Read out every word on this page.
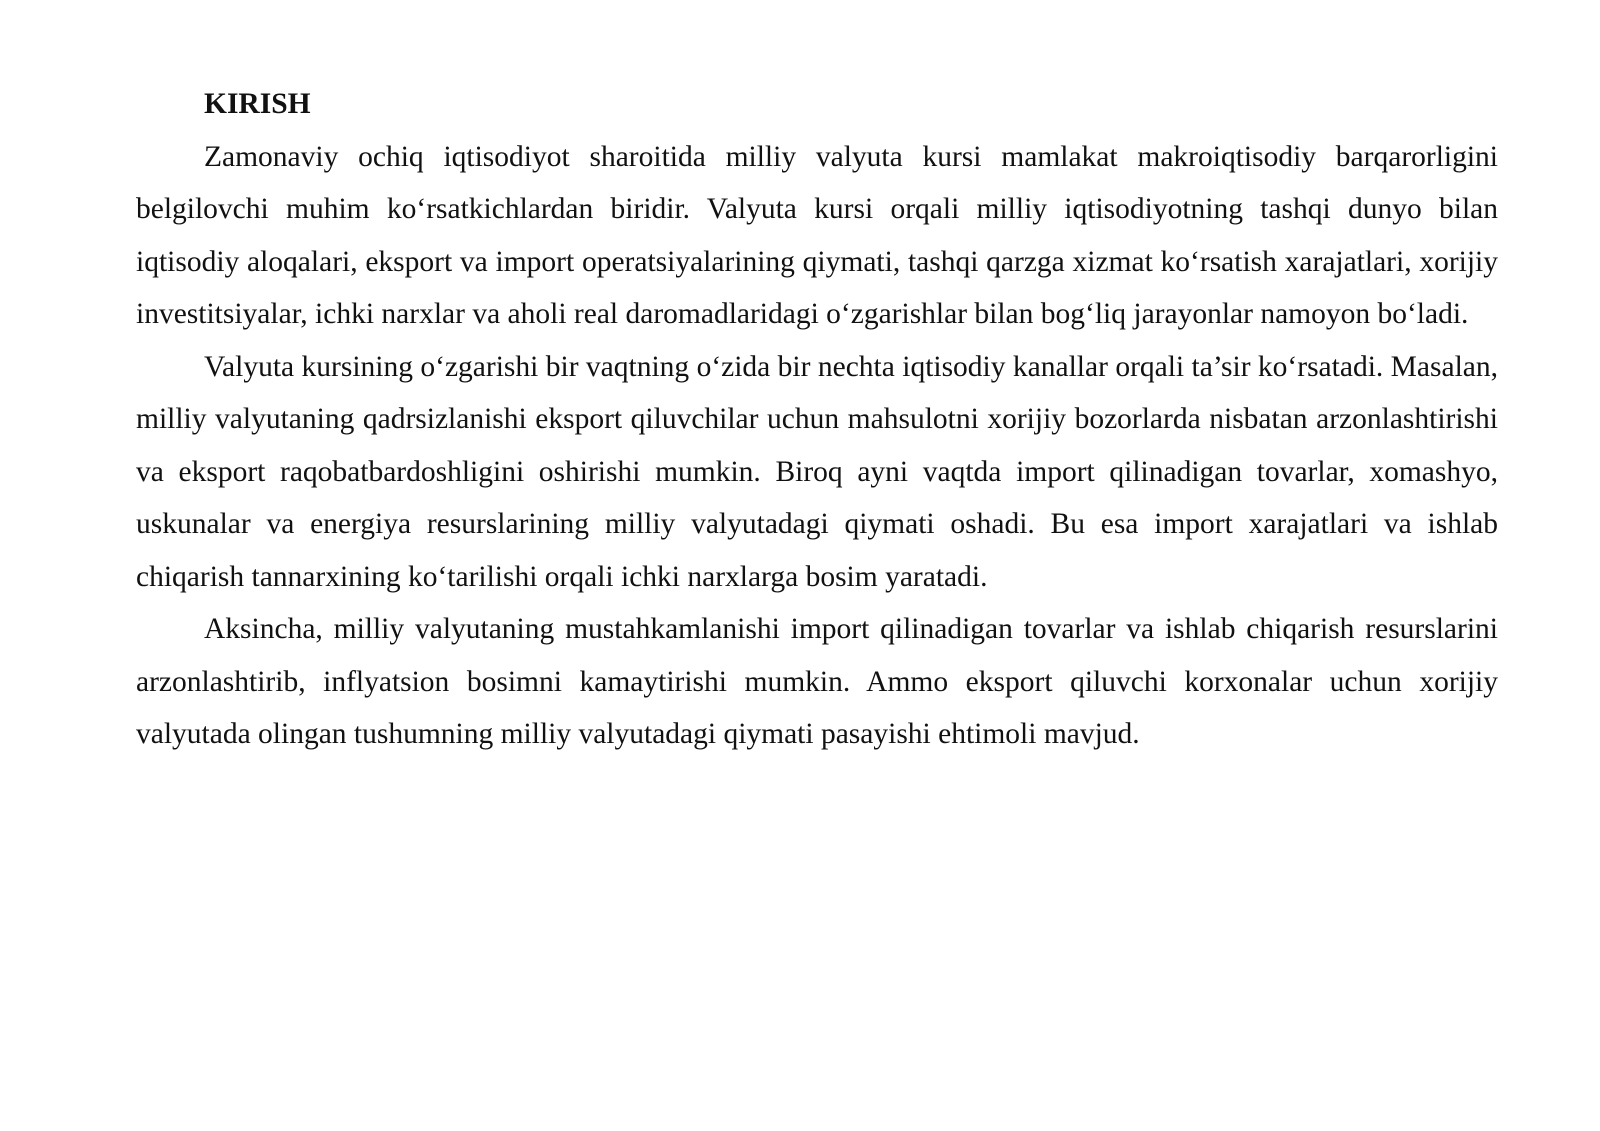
KIRISH

Zamonaviy ochiq iqtisodiyot sharoitida milliy valyuta kursi mamlakat makroiqtisodiy barqarorligini belgilovchi muhim ko‘rsatkichlardan biridir. Valyuta kursi orqali milliy iqtisodiyotning tashqi dunyo bilan iqtisodiy aloqalari, eksport va import operatsiyalarining qiymati, tashqi qarzga xizmat ko‘rsatish xarajatlari, xorijiy investitsiyalar, ichki narxlar va aholi real daromadlaridagi o‘zgarishlar bilan bog‘liq jarayonlar namoyon bo‘ladi.

Valyuta kursining o‘zgarishi bir vaqtning o‘zida bir nechta iqtisodiy kanallar orqali ta’sir ko‘rsatadi. Masalan, milliy valyutaning qadrsizlanishi eksport qiluvchilar uchun mahsulotni xorijiy bozorlarda nisbatan arzonlashtirishi va eksport raqobatbardoshligini oshirishi mumkin. Biroq ayni vaqtda import qilinadigan tovarlar, xomashyo, uskunalar va energiya resurslarining milliy valyutadagi qiymati oshadi. Bu esa import xarajatlari va ishlab chiqarish tannarxining ko‘tarilishi orqali ichki narxlarga bosim yaratadi.

Aksincha, milliy valyutaning mustahkamlanishi import qilinadigan tovarlar va ishlab chiqarish resurslarini arzonlashtirib, inflyatsion bosimni kamaytirishi mumkin. Ammo eksport qiluvchi korxonalar uchun xorijiy valyutada olingan tushumning milliy valyutadagi qiymati pasayishi ehtimoli mavjud.
